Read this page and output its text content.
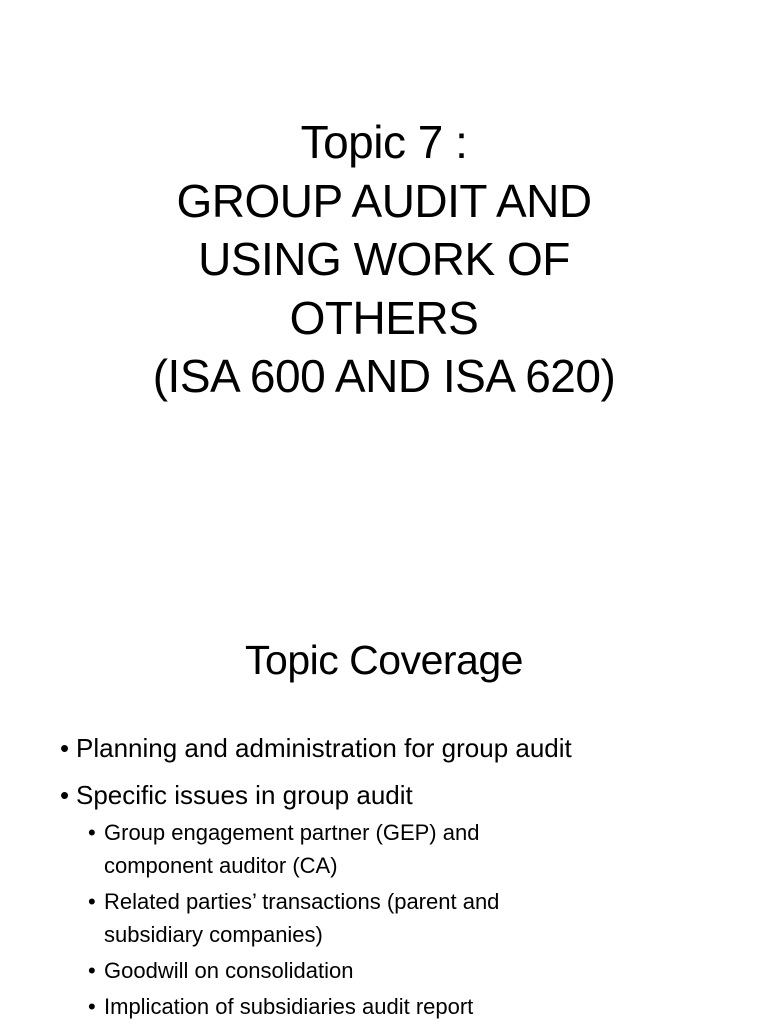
Topic 7 :
GROUP AUDIT AND
USING WORK OF
OTHERS
(ISA 600 AND ISA 620)
Topic Coverage
• Planning and administration for group audit
• Specific issues in group audit
• Group engagement partner (GEP) and component auditor (CA)
• Related parties’ transactions (parent and subsidiary companies)
• Goodwill on consolidation
• Implication of subsidiaries audit report
